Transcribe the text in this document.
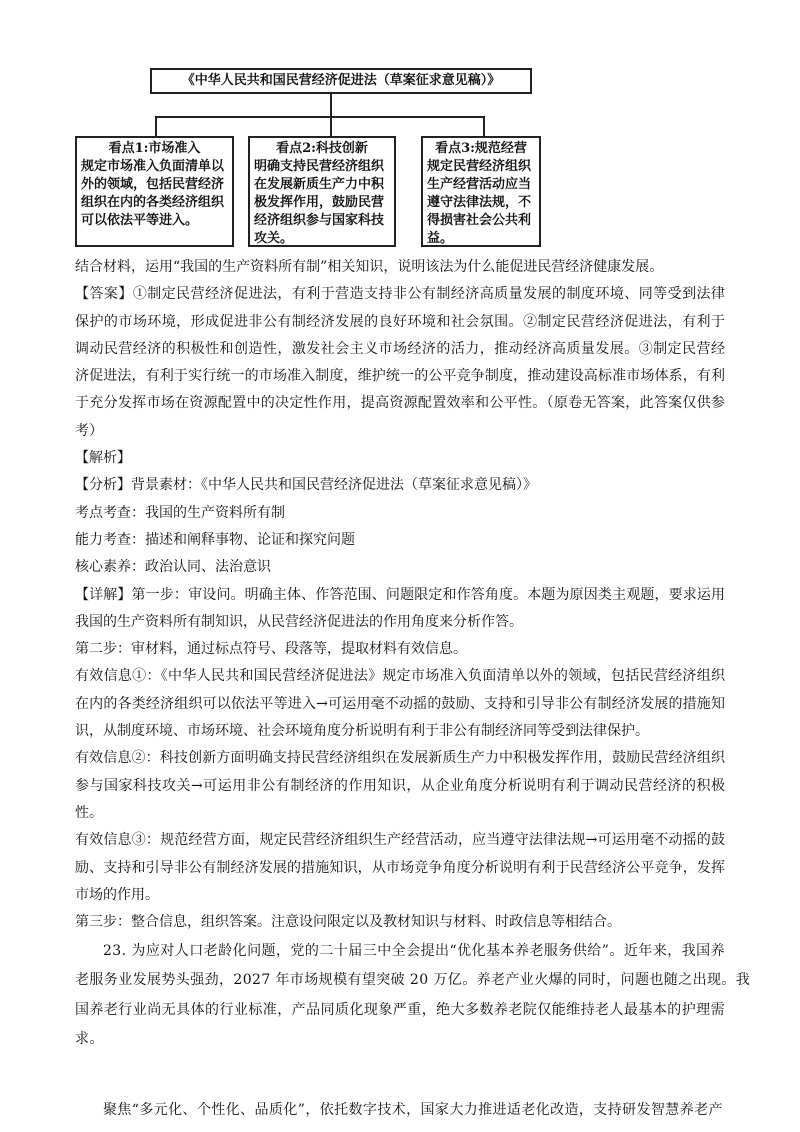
《中华人民共和国民营经济促进法（草案征求意见稿）》
看点1:市场准入
规定市场准入负面清单以外的领域，包括民营经济组织在内的各类经济组织可以依法平等进入。
看点2:科技创新
明确支持民营经济组织在发展新质生产力中积极发挥作用，鼓励民营经济组织参与国家科技攻关。
看点3:规范经营
规定民营经济组织生产经营活动应当遵守法律法规，不得损害社会公共利益。
结合材料，运用“我国的生产资料所有制”相关知识，说明该法为什么能促进民营经济健康发展。
【答案】①制定民营经济促进法，有利于营造支持非公有制经济高质量发展的制度环境、同等受到法律
保护的市场环境，形成促进非公有制经济发展的良好环境和社会氛围。②制定民营经济促进法，有利于
调动民营经济的积极性和创造性，激发社会主义市场经济的活力，推动经济高质量发展。③制定民营经
济促进法，有利于实行统一的市场准入制度，维护统一的公平竞争制度，推动建设高标准市场体系，有利
于充分发挥市场在资源配置中的决定性作用，提高资源配置效率和公平性。（原卷无答案，此答案仅供参
考）
【解析】
【分析】背景素材：《中华人民共和国民营经济促进法（草案征求意见稿）》
考点考查：我国的生产资料所有制
能力考查：描述和阐释事物、论证和探究问题
核心素养：政治认同、法治意识
【详解】第一步：审设问。明确主体、作答范围、问题限定和作答角度。本题为原因类主观题，要求运用
我国的生产资料所有制知识，从民营经济促进法的作用角度来分析作答。
第二步：审材料，通过标点符号、段落等，提取材料有效信息。
有效信息①：《中华人民共和国民营经济促进法》规定市场准入负面清单以外的领域，包括民营经济组织
在内的各类经济组织可以依法平等进入→可运用毫不动摇的鼓励、支持和引导非公有制经济发展的措施知
识，从制度环境、市场环境、社会环境角度分析说明有利于非公有制经济同等受到法律保护。
有效信息②：科技创新方面明确支持民营经济组织在发展新质生产力中积极发挥作用，鼓励民营经济组织
参与国家科技攻关→可运用非公有制经济的作用知识，从企业角度分析说明有利于调动民营经济的积极
性。
有效信息③：规范经营方面，规定民营经济组织生产经营活动，应当遵守法律法规→可运用毫不动摇的鼓
励、支持和引导非公有制经济发展的措施知识，从市场竞争角度分析说明有利于民营经济公平竞争，发挥
市场的作用。
第三步：整合信息，组织答案。注意设问限定以及教材知识与材料、时政信息等相结合。
23. 为应对人口老龄化问题，党的二十届三中全会提出“优化基本养老服务供给”。近年来，我国养
老服务业发展势头强劲，2027 年市场规模有望突破 20 万亿。养老产业火爆的同时，问题也随之出现。我
国养老行业尚无具体的行业标准，产品同质化现象严重，绝大多数养老院仅能维持老人最基本的护理需
求。
聚焦“多元化、个性化、品质化”，依托数字技术，国家大力推进适老化改造，支持研发智慧养老产
